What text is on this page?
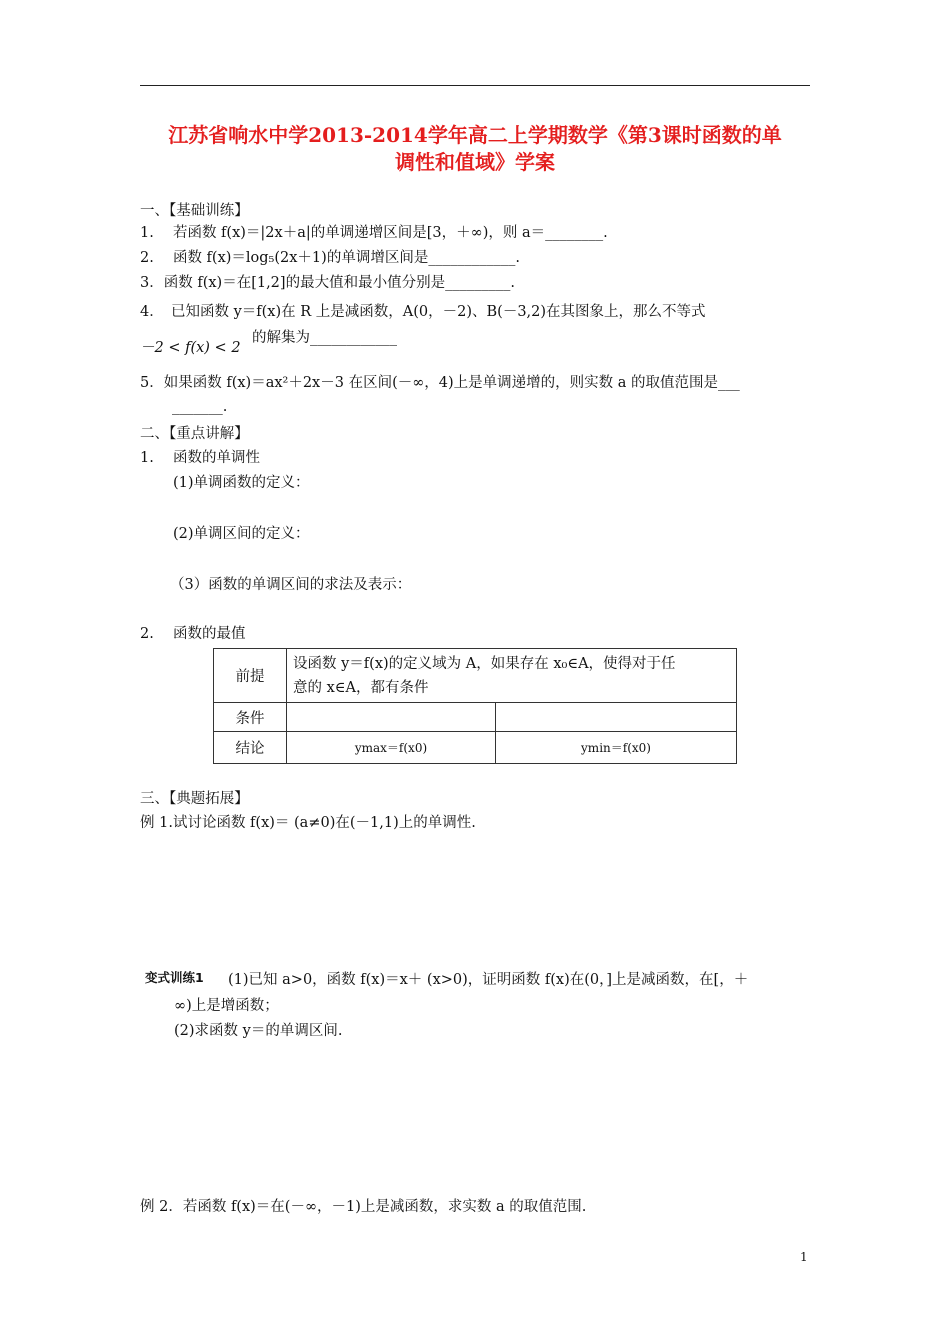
江苏省响水中学2013-2014学年高二上学期数学《第3课时函数的单
调性和值域》学案
一、【基础训练】
1.　 若函数 f(x)＝|2x＋a|的单调递增区间是[3，＋∞)，则 a＝________.
2.　 函数 f(x)＝log₅(2x＋1)的单调增区间是____________.
3．函数 f(x)＝在[1,2]的最大值和最小值分别是_________.
4．　已知函数 y＝f(x)在 R 上是减函数，A(0，－2)、B(－3,2)在其图象上，那么不等式
－2 < f(x) < 2
的解集为____________
5．如果函数 f(x)＝ax²＋2x－3 在区间(－∞，4)上是单调递增的，则实数 a 的取值范围是___
_______.
二、【重点讲解】
1.　 函数的单调性
(1)单调函数的定义：
(2)单调区间的定义：
（3）函数的单调区间的求法及表示：
2.　 函数的最值
前提	设函数 y＝f(x)的定义域为 A，如果存在 x₀∈A，使得对于任
意的 x∈A，都有条件	

条件		
结论	ymax＝f(x0)	ymin＝f(x0)
三、【典题拓展】
例 1.试讨论函数 f(x)＝ (a≠0)在(－1,1)上的单调性.
变式训练1 (1)已知 a>0，函数 f(x)＝x＋ (x>0)，证明函数 f(x)在(0，]上是减函数，在[，＋
∞)上是增函数；
(2)求函数 y＝的单调区间.
例 2．若函数 f(x)＝在(－∞，－1)上是减函数，求实数 a 的取值范围.
1
